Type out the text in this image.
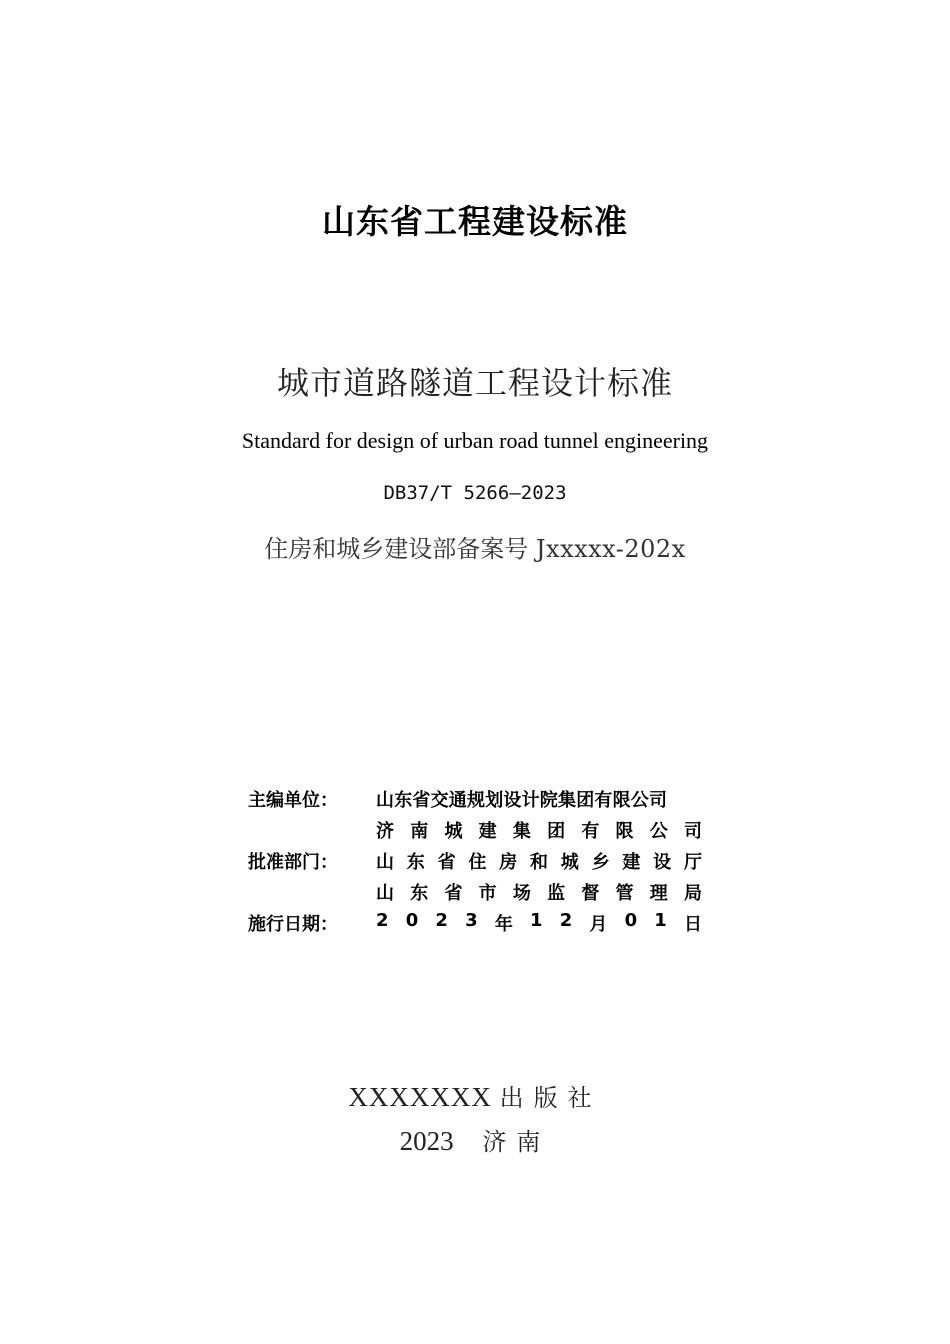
山东省工程建设标准
城市道路隧道工程设计标准
Standard for design of urban road tunnel engineering
DB37/T 5266—2023
住房和城乡建设部备案号 Jxxxxx-202x
主编单位：	山东省交通规划设计院集团有限公司
济 南 城 建 集 团 有 限 公 司
批准部门：	山 东 省 住 房 和 城 乡 建 设 厅
山 东 省 市 场 监 督 管 理 局
施行日期：	2 0 2 3 年 1 2 月 0 1 日
XXXXXXX 出版社
2023 济南
